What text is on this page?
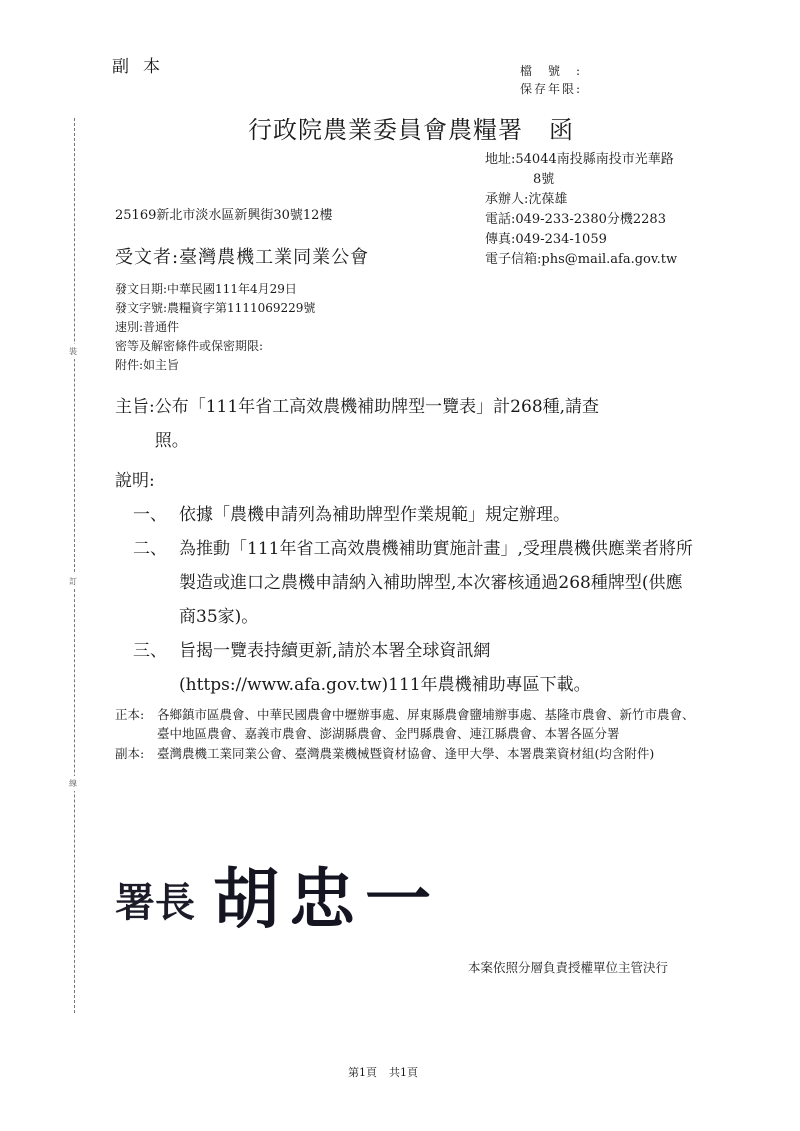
裝
訂
線
副本	檔號:
保存年限:
行政院農業委員會農糧署 函
地址:54044南投縣南投市光華路
8號
承辦人:沈葆雄
電話:049-233-2380分機2283
傳真:049-234-1059
電子信箱:phs@mail.afa.gov.tw
25169新北市淡水區新興街30號12樓
受文者:臺灣農機工業同業公會
發文日期:中華民國111年4月29日
發文字號:農糧資字第1111069229號
速別:普通件
密等及解密條件或保密期限:
附件:如主旨
主旨: 公布「111年省工高效農機補助牌型一覽表」計268種,請查
照。
說明:
一、 依據「農機申請列為補助牌型作業規範」規定辦理。
二、 為推動「111年省工高效農機補助實施計畫」,受理農機供應業者將所製造或進口之農機申請納入補助牌型,本次審核通過268種牌型(供應商35家)。
三、 旨揭一覽表持續更新,請於本署全球資訊網(https://www.afa.gov.tw)111年農機補助專區下載。
正本:	各鄉鎮市區農會、中華民國農會中壢辦事處、屏東縣農會鹽埔辦事處、基隆市農會、新竹市農會、臺中地區農會、嘉義市農會、澎湖縣農會、金門縣農會、連江縣農會、本署各區分署
副本:	臺灣農機工業同業公會、臺灣農業機械暨資材協會、逢甲大學、本署農業資材組(均含附件)
署長 胡忠一
本案依照分層負責授權單位主管決行
第1頁 共1頁
